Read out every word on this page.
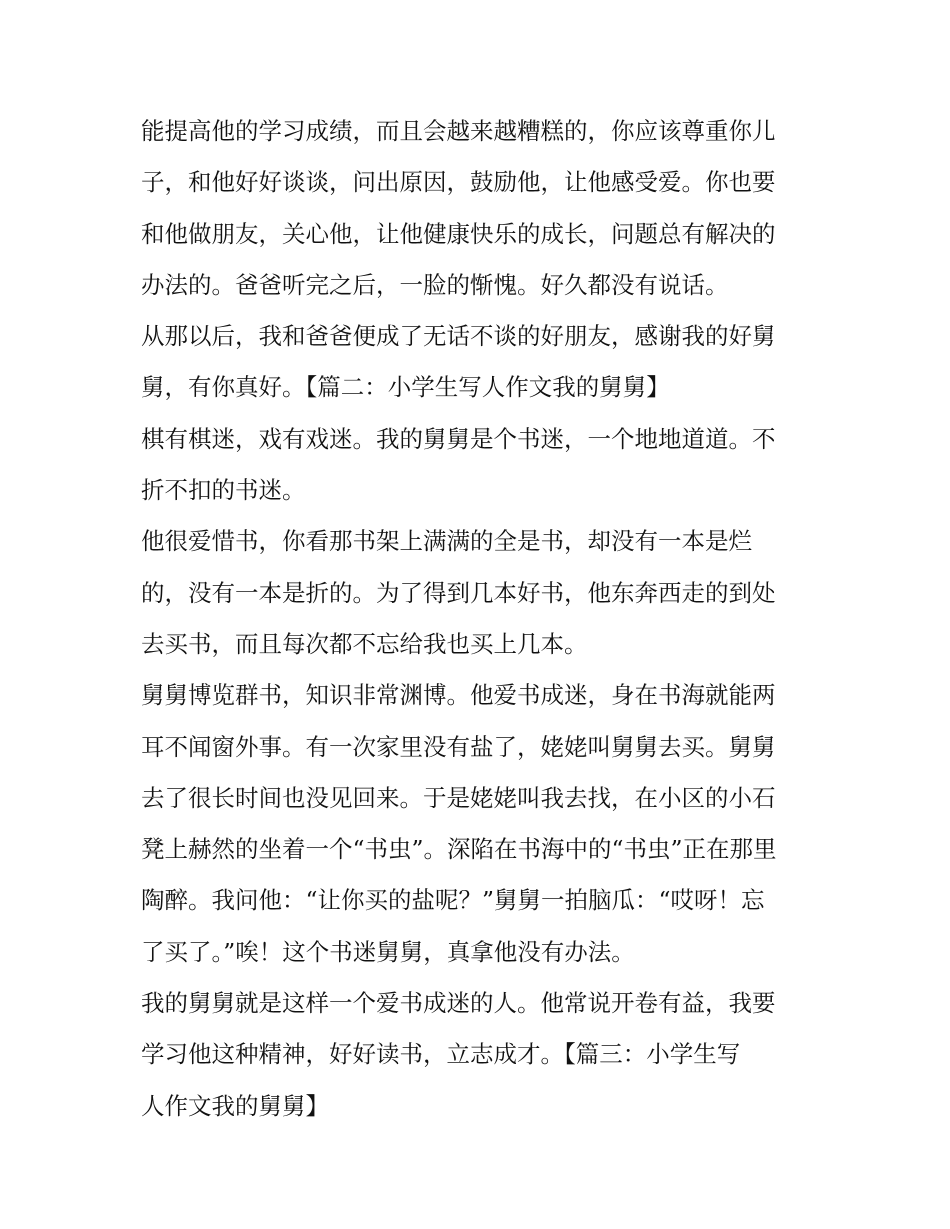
能提高他的学习成绩，而且会越来越糟糕的，你应该尊重你儿
子，和他好好谈谈，问出原因，鼓励他，让他感受爱。你也要
和他做朋友，关心他，让他健康快乐的成长，问题总有解决的
办法的。爸爸听完之后，一脸的惭愧。好久都没有说话。
从那以后，我和爸爸便成了无话不谈的好朋友，感谢我的好舅
舅，有你真好。【篇二：小学生写人作文我的舅舅】
棋有棋迷，戏有戏迷。我的舅舅是个书迷，一个地地道道。不
折不扣的书迷。
他很爱惜书，你看那书架上满满的全是书，却没有一本是烂
的，没有一本是折的。为了得到几本好书，他东奔西走的到处
去买书，而且每次都不忘给我也买上几本。
舅舅博览群书，知识非常渊博。他爱书成迷，身在书海就能两
耳不闻窗外事。有一次家里没有盐了，姥姥叫舅舅去买。舅舅
去了很长时间也没见回来。于是姥姥叫我去找，在小区的小石
凳上赫然的坐着一个“书虫”。深陷在书海中的“书虫”正在那里
陶醉。我问他：“让你买的盐呢？”舅舅一拍脑瓜：“哎呀！忘
了买了。”唉！这个书迷舅舅，真拿他没有办法。
我的舅舅就是这样一个爱书成迷的人。他常说开卷有益，我要
学习他这种精神，好好读书，立志成才。【篇三：小学生写
人作文我的舅舅】
